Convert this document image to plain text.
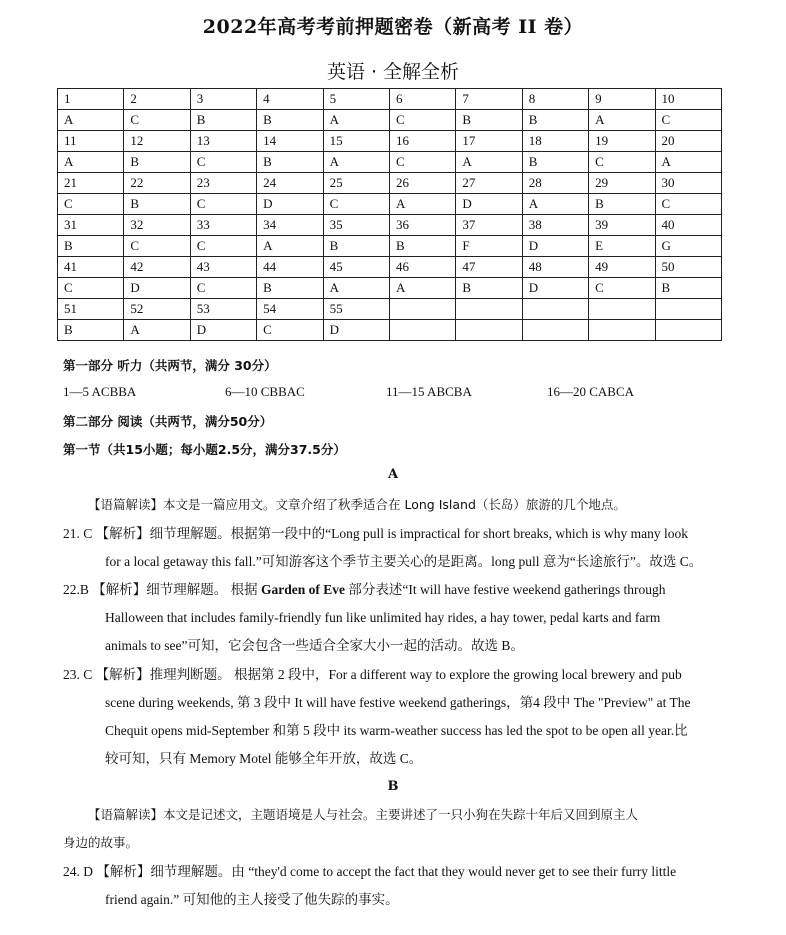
2022年高考考前押题密卷（新高考 II 卷）
英语 · 全解全析
1	2	3	4	5	6	7	8	9	10
A	C	B	B	A	C	B	B	A	C
11	12	13	14	15	16	17	18	19	20
A	B	C	B	A	C	A	B	C	A
21	22	23	24	25	26	27	28	29	30
C	B	C	D	C	A	D	A	B	C
31	32	33	34	35	36	37	38	39	40
B	C	C	A	B	B	F	D	E	G
41	42	43	44	45	46	47	48	49	50
C	D	C	B	A	A	B	D	C	B
51	52	53	54	55					
B	A	D	C	D					
第一部分 听力（共两节，满分 30分）
1—5 ACBBA	6—10 CBBAC	11—15 ABCBA	16—20 CABCA
第二部分 阅读（共两节，满分50分）
第一节（共15小题；每小题2.5分，满分37.5分）
A
【语篇解读】本文是一篇应用文。文章介绍了秋季适合在 Long Island（长岛）旅游的几个地点。
21. C 【解析】细节理解题。根据第一段中的“Long pull is impractical for short breaks, which is why many look
for a local getaway this fall.”可知游客这个季节主要关心的是距离。long pull 意为“长途旅行”。故选 C。
22.B 【解析】细节理解题。 根据 Garden of Eve 部分表述“It will have festive weekend gatherings through
Halloween that includes family-friendly fun like unlimited hay rides, a hay tower, pedal karts and farm
animals to see”可知，它会包含一些适合全家大小一起的活动。故选 B。
23. C 【解析】推理判断题。 根据第 2 段中，For a different way to explore the growing local brewery and pub
scene during weekends, 第 3 段中 It will have festive weekend gatherings，第4 段中 The "Preview" at The
Chequit opens mid-September 和第 5 段中 its warm-weather success has led the spot to be open all year.比
较可知，只有 Memory Motel 能够全年开放，故选 C。
B
【语篇解读】本文是记述文，主题语境是人与社会。主要讲述了一只小狗在失踪十年后又回到原主人
身边的故事。
24. D 【解析】细节理解题。由 “they'd come to accept the fact that they would never get to see their furry little
friend again.” 可知他的主人接受了他失踪的事实。
